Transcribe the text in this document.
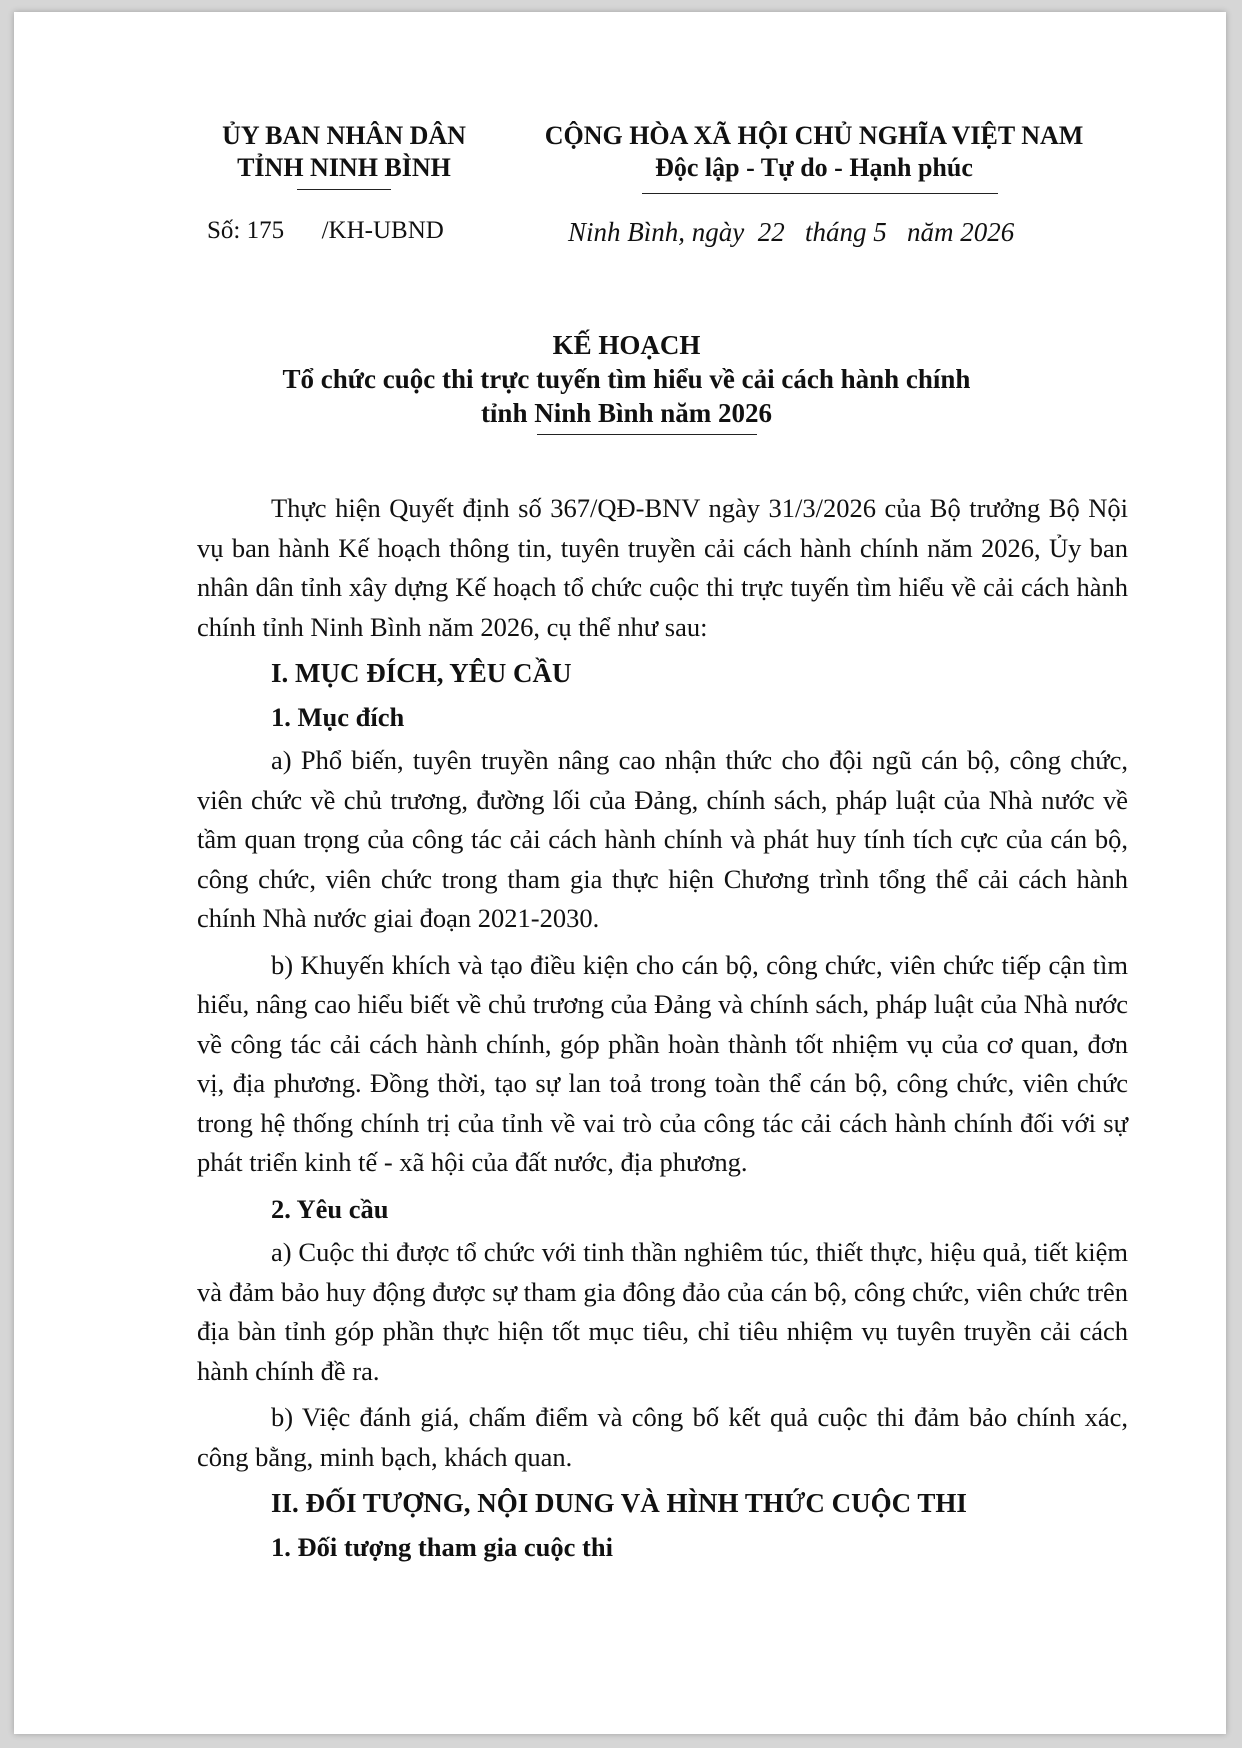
ỦY BAN NHÂN DÂN
TỈNH NINH BÌNH
CỘNG HÒA XÃ HỘI CHỦ NGHĨA VIỆT NAM
Độc lập - Tự do - Hạnh phúc
Số: 175 /KH-UBND	Ninh Bình, ngày 22 tháng 5 năm 2026
KẾ HOẠCH
Tổ chức cuộc thi trực tuyến tìm hiểu về cải cách hành chính
tỉnh Ninh Bình năm 2026

Thực hiện Quyết định số 367/QĐ-BNV ngày 31/3/2026 của Bộ trưởng Bộ Nội vụ ban hành Kế hoạch thông tin, tuyên truyền cải cách hành chính năm 2026, Ủy ban nhân dân tỉnh xây dựng Kế hoạch tổ chức cuộc thi trực tuyến tìm hiểu về cải cách hành chính tỉnh Ninh Bình năm 2026, cụ thể như sau:

I. MỤC ĐÍCH, YÊU CẦU

1. Mục đích

a) Phổ biến, tuyên truyền nâng cao nhận thức cho đội ngũ cán bộ, công chức, viên chức về chủ trương, đường lối của Đảng, chính sách, pháp luật của Nhà nước về tầm quan trọng của công tác cải cách hành chính và phát huy tính tích cực của cán bộ, công chức, viên chức trong tham gia thực hiện Chương trình tổng thể cải cách hành chính Nhà nước giai đoạn 2021-2030.

b) Khuyến khích và tạo điều kiện cho cán bộ, công chức, viên chức tiếp cận tìm hiểu, nâng cao hiểu biết về chủ trương của Đảng và chính sách, pháp luật của Nhà nước về công tác cải cách hành chính, góp phần hoàn thành tốt nhiệm vụ của cơ quan, đơn vị, địa phương. Đồng thời, tạo sự lan toả trong toàn thể cán bộ, công chức, viên chức trong hệ thống chính trị của tỉnh về vai trò của công tác cải cách hành chính đối với sự phát triển kinh tế - xã hội của đất nước, địa phương.

2. Yêu cầu

a) Cuộc thi được tổ chức với tinh thần nghiêm túc, thiết thực, hiệu quả, tiết kiệm và đảm bảo huy động được sự tham gia đông đảo của cán bộ, công chức, viên chức trên địa bàn tỉnh góp phần thực hiện tốt mục tiêu, chỉ tiêu nhiệm vụ tuyên truyền cải cách hành chính đề ra.

b) Việc đánh giá, chấm điểm và công bố kết quả cuộc thi đảm bảo chính xác, công bằng, minh bạch, khách quan.

II. ĐỐI TƯỢNG, NỘI DUNG VÀ HÌNH THỨC CUỘC THI

1. Đối tượng tham gia cuộc thi
